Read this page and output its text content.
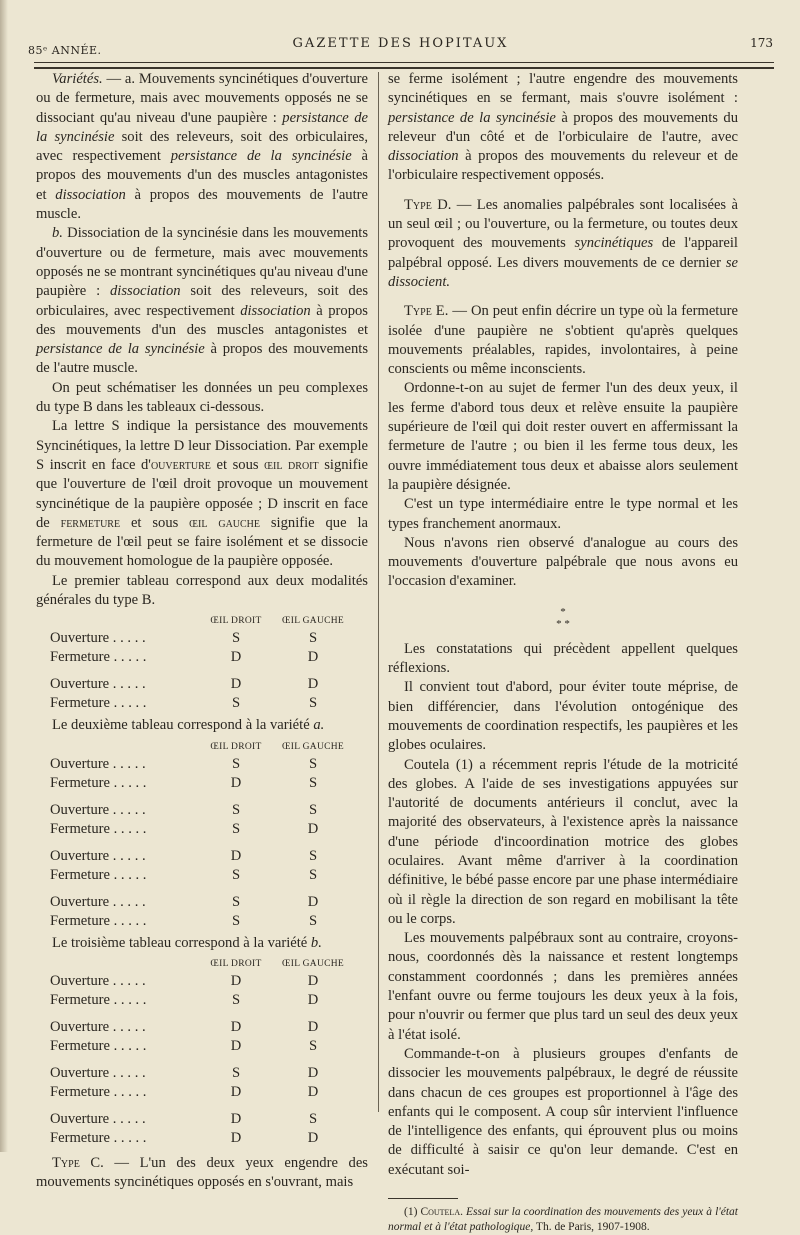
85ᵉ ANNÉE.	GAZETTE DES HOPITAUX	173

Variétés. — a. Mouvements syncinétiques d'ouverture ou de fermeture, mais avec mouvements opposés ne se dissociant qu'au niveau d'une paupière : persistance de la syncinésie soit des releveurs, soit des orbiculaires, avec respectivement persistance de la syncinésie à propos des mouvements d'un des muscles antagonistes et dissociation à propos des mouvements de l'autre muscle.

b. Dissociation de la syncinésie dans les mouvements d'ouverture ou de fermeture, mais avec mouvements opposés ne se montrant syncinétiques qu'au niveau d'une paupière : dissociation soit des releveurs, soit des orbiculaires, avec respectivement dissociation à propos des mouvements d'un des muscles antagonistes et persistance de la syncinésie à propos des mouvements de l'autre muscle.

On peut schématiser les données un peu complexes du type B dans les tableaux ci-dessous.

La lettre S indique la persistance des mouvements Syncinétiques, la lettre D leur Dissociation. Par exemple S inscrit en face d'ouverture et sous œil droit signifie que l'ouverture de l'œil droit provoque un mouvement syncinétique de la paupière opposée ; D inscrit en face de fermeture et sous œil gauche signifie que la fermeture de l'œil peut se faire isolément et se dissocie du mouvement homologue de la paupière opposée.

Le premier tableau correspond aux deux modalités générales du type B.

	ŒIL DROIT	ŒIL GAUCHE
Ouverture . . . . .	S	S
Fermeture . . . . .	D	D

Ouverture . . . . .	D	D
Fermeture . . . . .	S	S

Le deuxième tableau correspond à la variété a.

	ŒIL DROIT	ŒIL GAUCHE
Ouverture . . . . .	S	S
Fermeture . . . . .	D	S

Ouverture . . . . .	S	S
Fermeture . . . . .	S	D

Ouverture . . . . .	D	S
Fermeture . . . . .	S	S

Ouverture . . . . .	S	D
Fermeture . . . . .	S	S

Le troisième tableau correspond à la variété b.

	ŒIL DROIT	ŒIL GAUCHE
Ouverture . . . . .	D	D
Fermeture . . . . .	S	D

Ouverture . . . . .	D	D
Fermeture . . . . .	D	S

Ouverture . . . . .	S	D
Fermeture . . . . .	D	D

Ouverture . . . . .	D	S
Fermeture . . . . .	D	D

Type C. — L'un des deux yeux engendre des mouvements syncinétiques opposés en s'ouvrant, mais

se ferme isolément ; l'autre engendre des mouvements syncinétiques en se fermant, mais s'ouvre isolément : persistance de la syncinésie à propos des mouvements du releveur d'un côté et de l'orbiculaire de l'autre, avec dissociation à propos des mouvements du releveur et de l'orbiculaire respectivement opposés.

Type D. — Les anomalies palpébrales sont localisées à un seul œil ; ou l'ouverture, ou la fermeture, ou toutes deux provoquent des mouvements syncinétiques de l'appareil palpébral opposé. Les divers mouvements de ce dernier se dissocient.

Type E. — On peut enfin décrire un type où la fermeture isolée d'une paupière ne s'obtient qu'après quelques mouvements préalables, rapides, involontaires, à peine conscients ou même inconscients.

Ordonne-t-on au sujet de fermer l'un des deux yeux, il les ferme d'abord tous deux et relève ensuite la paupière supérieure de l'œil qui doit rester ouvert en affermissant la fermeture de l'autre ; ou bien il les ferme tous deux, les ouvre immédiatement tous deux et abaisse alors seulement la paupière désignée.

C'est un type intermédiaire entre le type normal et les types franchement anormaux.

Nous n'avons rien observé d'analogue au cours des mouvements d'ouverture palpébrale que nous avons eu l'occasion d'examiner.

*
* *

Les constatations qui précèdent appellent quelques réflexions.

Il convient tout d'abord, pour éviter toute méprise, de bien différencier, dans l'évolution ontogénique des mouvements de coordination respectifs, les paupières et les globes oculaires.

Coutela (1) a récemment repris l'étude de la motricité des globes. A l'aide de ses investigations appuyées sur l'autorité de documents antérieurs il conclut, avec la majorité des observateurs, à l'existence après la naissance d'une période d'incoordination motrice des globes oculaires. Avant même d'arriver à la coordination définitive, le bébé passe encore par une phase intermédiaire où il règle la direction de son regard en mobilisant la tête ou le corps.

Les mouvements palpébraux sont au contraire, croyons-nous, coordonnés dès la naissance et restent longtemps constamment coordonnés ; dans les premières années l'enfant ouvre ou ferme toujours les deux yeux à la fois, pour n'ouvrir ou fermer que plus tard un seul des deux yeux à l'état isolé.

Commande-t-on à plusieurs groupes d'enfants de dissocier les mouvements palpébraux, le degré de réussite dans chacun de ces groupes est proportionnel à l'âge des enfants qui le composent. A coup sûr intervient l'influence de l'intelligence des enfants, qui éprouvent plus ou moins de difficulté à saisir ce qu'on leur demande. C'est en exécutant soi-

(1) Coutela. Essai sur la coordination des mouvements des yeux à l'état normal et à l'état pathologique, Th. de Paris, 1907-1908.
